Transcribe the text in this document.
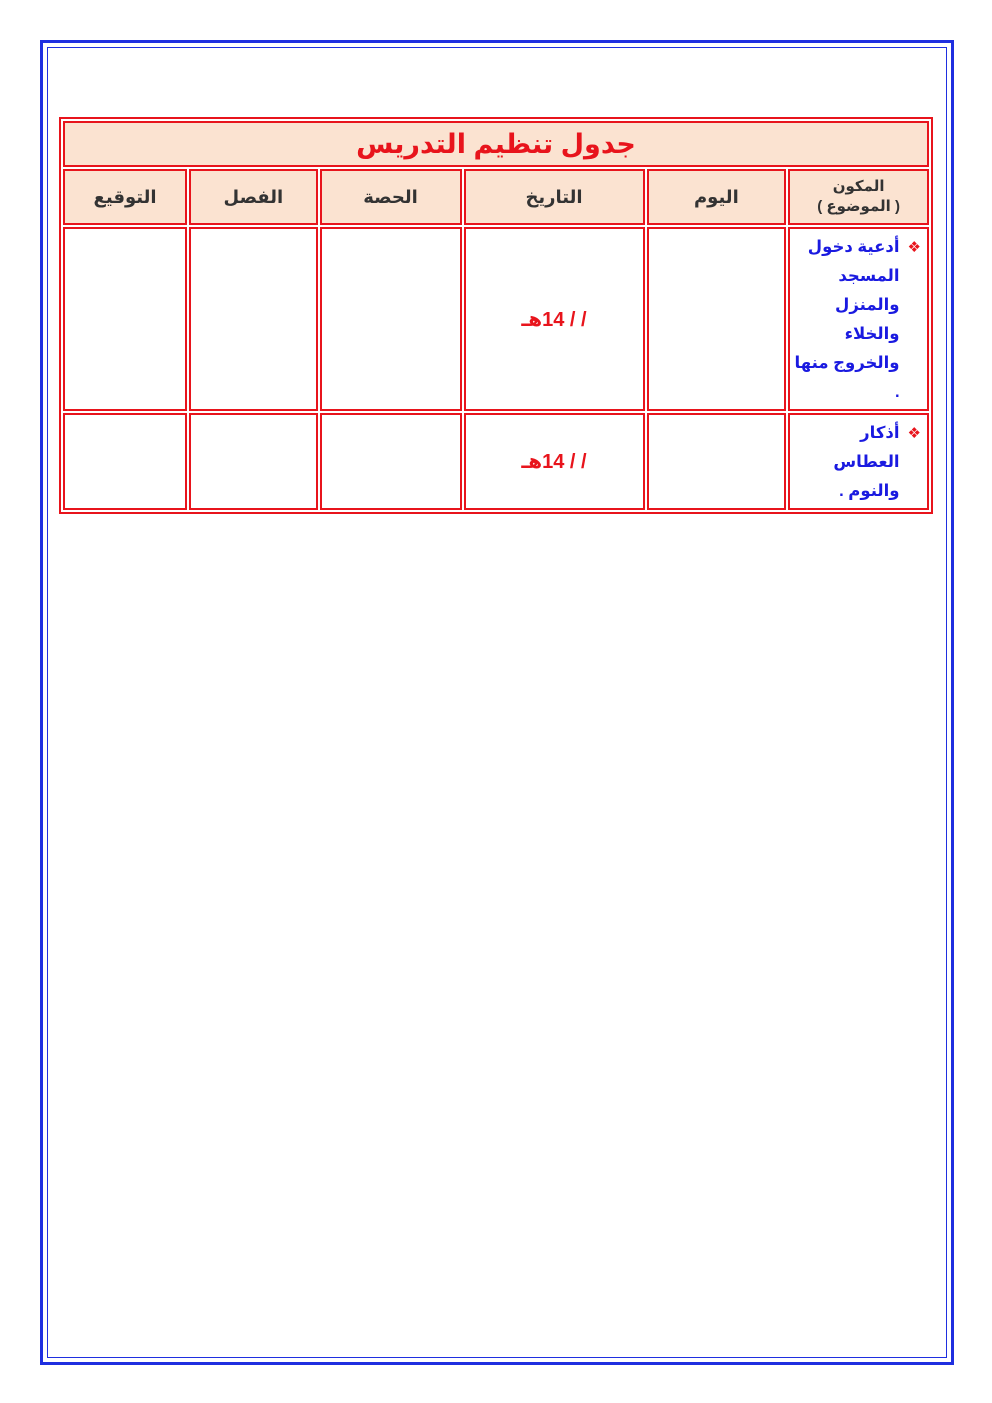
جدول تنظيم التدريس					

المكون
( الموضوع )	اليوم	التاريخ	الحصة	الفصل	التوقيع

❖
أدعية دخول المسجد والمنزل والخلاء والخروج منها .		/ / 14هـ			

❖
أذكار العطاس والنوم .		/ / 14هـ			
